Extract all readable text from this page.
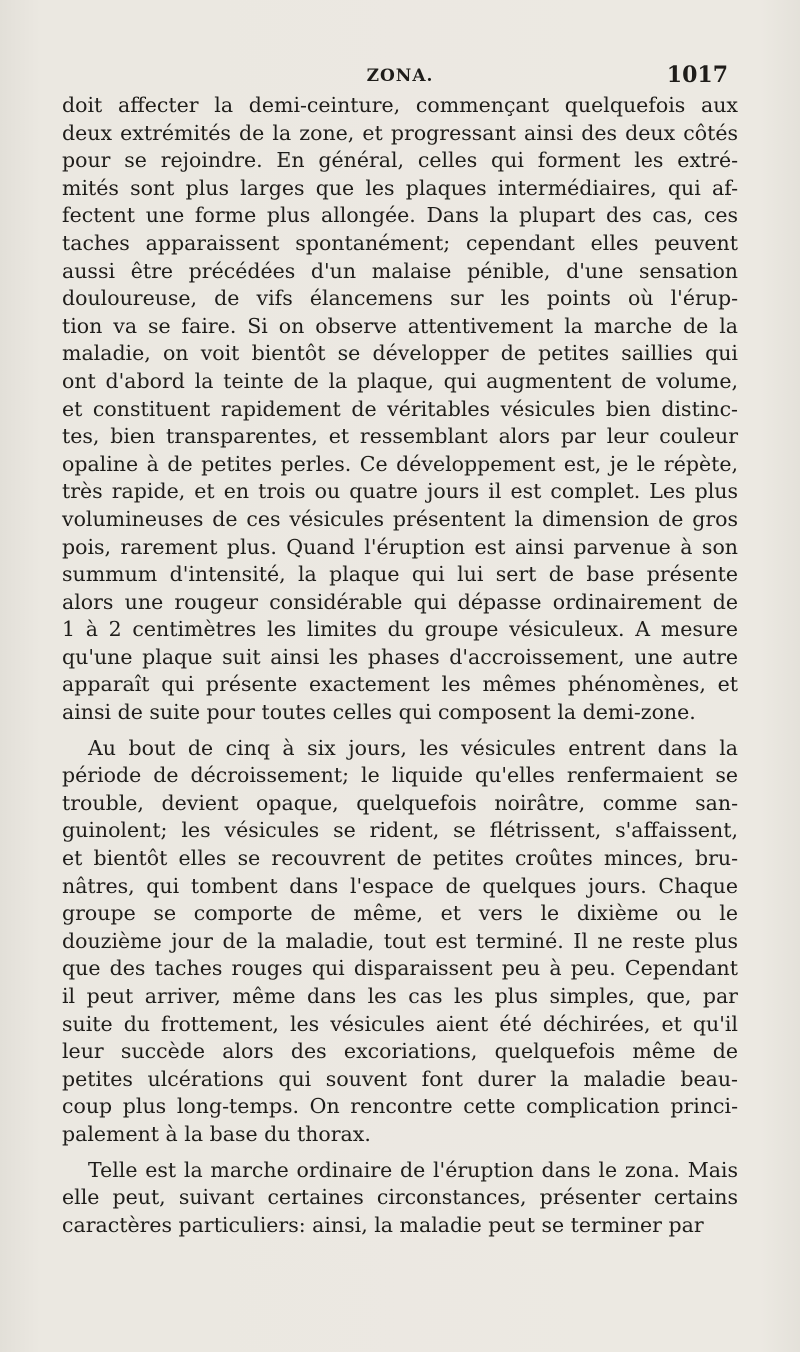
ZONA.	1017
doit affecter la demi-ceinture, commençant quelquefois aux
deux extrémités de la zone, et progressant ainsi des deux côtés
pour se rejoindre. En général, celles qui forment les extré-
mités sont plus larges que les plaques intermédiaires, qui af-
fectent une forme plus allongée. Dans la plupart des cas, ces
taches apparaissent spontanément; cependant elles peuvent
aussi être précédées d'un malaise pénible, d'une sensation
douloureuse, de vifs élancemens sur les points où l'érup-
tion va se faire. Si on observe attentivement la marche de la
maladie, on voit bientôt se développer de petites saillies qui
ont d'abord la teinte de la plaque, qui augmentent de volume,
et constituent rapidement de véritables vésicules bien distinc-
tes, bien transparentes, et ressemblant alors par leur couleur
opaline à de petites perles. Ce développement est, je le répète,
très rapide, et en trois ou quatre jours il est complet. Les plus
volumineuses de ces vésicules présentent la dimension de gros
pois, rarement plus. Quand l'éruption est ainsi parvenue à son
summum d'intensité, la plaque qui lui sert de base présente
alors une rougeur considérable qui dépasse ordinairement de
1 à 2 centimètres les limites du groupe vésiculeux. A mesure
qu'une plaque suit ainsi les phases d'accroissement, une autre
apparaît qui présente exactement les mêmes phénomènes, et
ainsi de suite pour toutes celles qui composent la demi-zone.
Au bout de cinq à six jours, les vésicules entrent dans la
période de décroissement; le liquide qu'elles renfermaient se
trouble, devient opaque, quelquefois noirâtre, comme san-
guinolent; les vésicules se rident, se flétrissent, s'affaissent,
et bientôt elles se recouvrent de petites croûtes minces, bru-
nâtres, qui tombent dans l'espace de quelques jours. Chaque
groupe se comporte de même, et vers le dixième ou le
douzième jour de la maladie, tout est terminé. Il ne reste plus
que des taches rouges qui disparaissent peu à peu. Cependant
il peut arriver, même dans les cas les plus simples, que, par
suite du frottement, les vésicules aient été déchirées, et qu'il
leur succède alors des excoriations, quelquefois même de
petites ulcérations qui souvent font durer la maladie beau-
coup plus long-temps. On rencontre cette complication princi-
palement à la base du thorax.
Telle est la marche ordinaire de l'éruption dans le zona. Mais
elle peut, suivant certaines circonstances, présenter certains
caractères particuliers: ainsi, la maladie peut se terminer par
